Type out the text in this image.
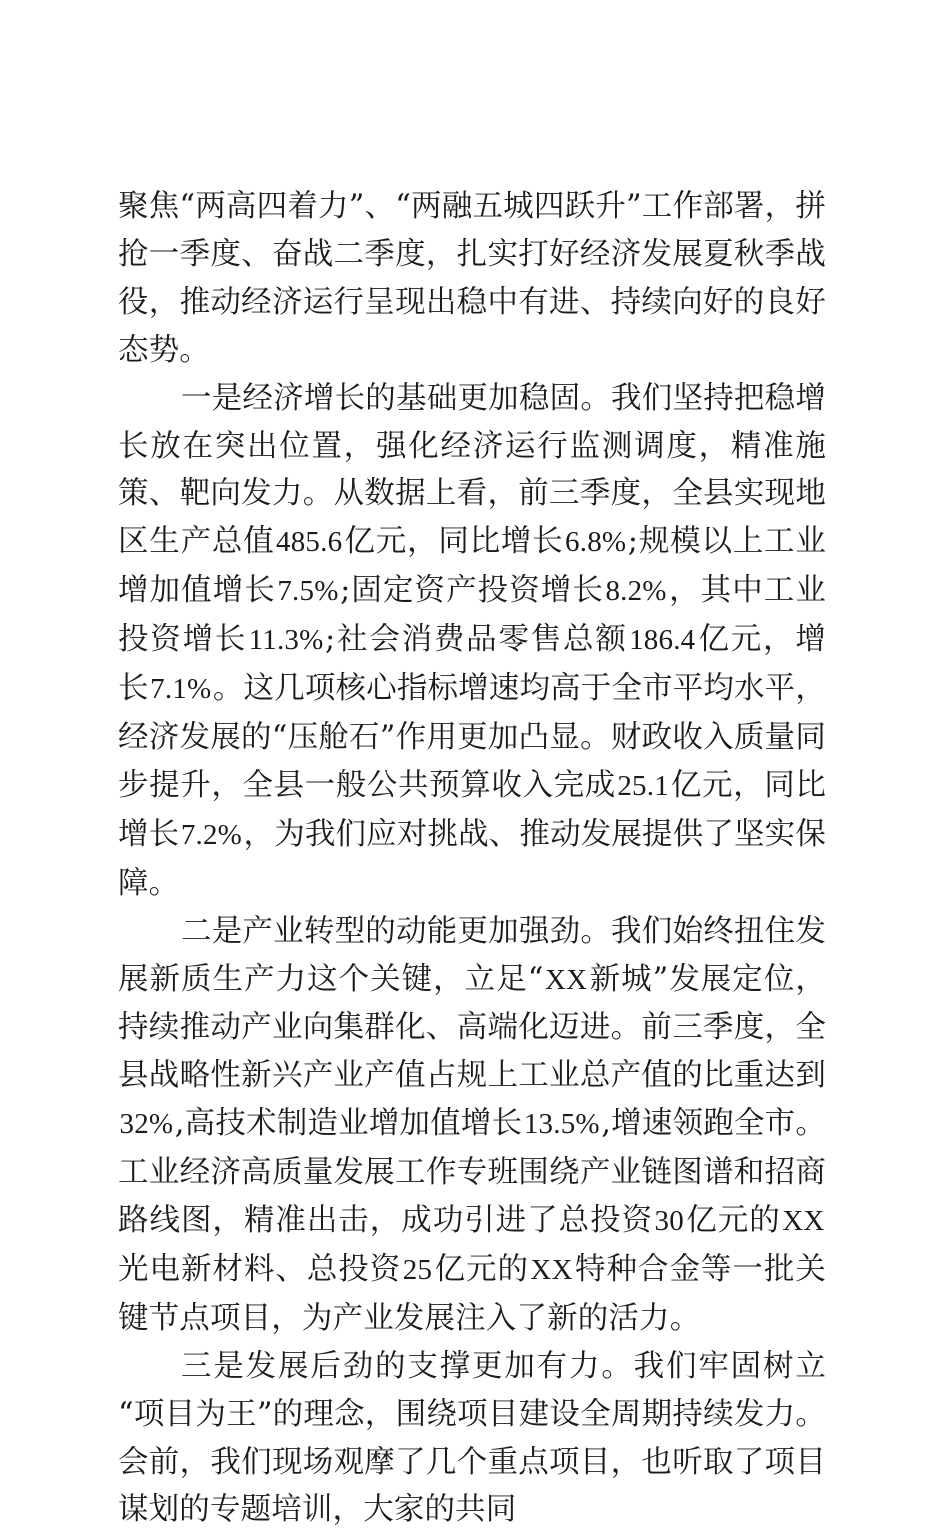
聚焦“两高四着力”、“两融五城四跃升”工作部署，拼抢一季度、奋战二季度，扎实打好经济发展夏秋季战役，推动经济运行呈现出稳中有进、持续向好的良好态势。

一是经济增长的基础更加稳固。我们坚持把稳增长放在突出位置，强化经济运行监测调度，精准施策、靶向发力。从数据上看，前三季度，全县实现地区生产总值485.6亿元，同比增长6.8%;规模以上工业增加值增长7.5%;固定资产投资增长8.2%，其中工业投资增长11.3%;社会消费品零售总额186.4亿元，增长7.1%。这几项核心指标增速均高于全市平均水平，经济发展的“压舱石”作用更加凸显。财政收入质量同步提升，全县一般公共预算收入完成25.1亿元，同比增长7.2%，为我们应对挑战、推动发展提供了坚实保障。

二是产业转型的动能更加强劲。我们始终扭住发展新质生产力这个关键，立足“XX新城”发展定位，持续推动产业向集群化、高端化迈进。前三季度，全县战略性新兴产业产值占规上工业总产值的比重达到32%,高技术制造业增加值增长13.5%,增速领跑全市。工业经济高质量发展工作专班围绕产业链图谱和招商路线图，精准出击，成功引进了总投资30亿元的XX光电新材料、总投资25亿元的XX特种合金等一批关键节点项目，为产业发展注入了新的活力。

三是发展后劲的支撑更加有力。我们牢固树立“项目为王”的理念，围绕项目建设全周期持续发力。会前，我们现场观摩了几个重点项目，也听取了项目谋划的专题培训，大家的共同
